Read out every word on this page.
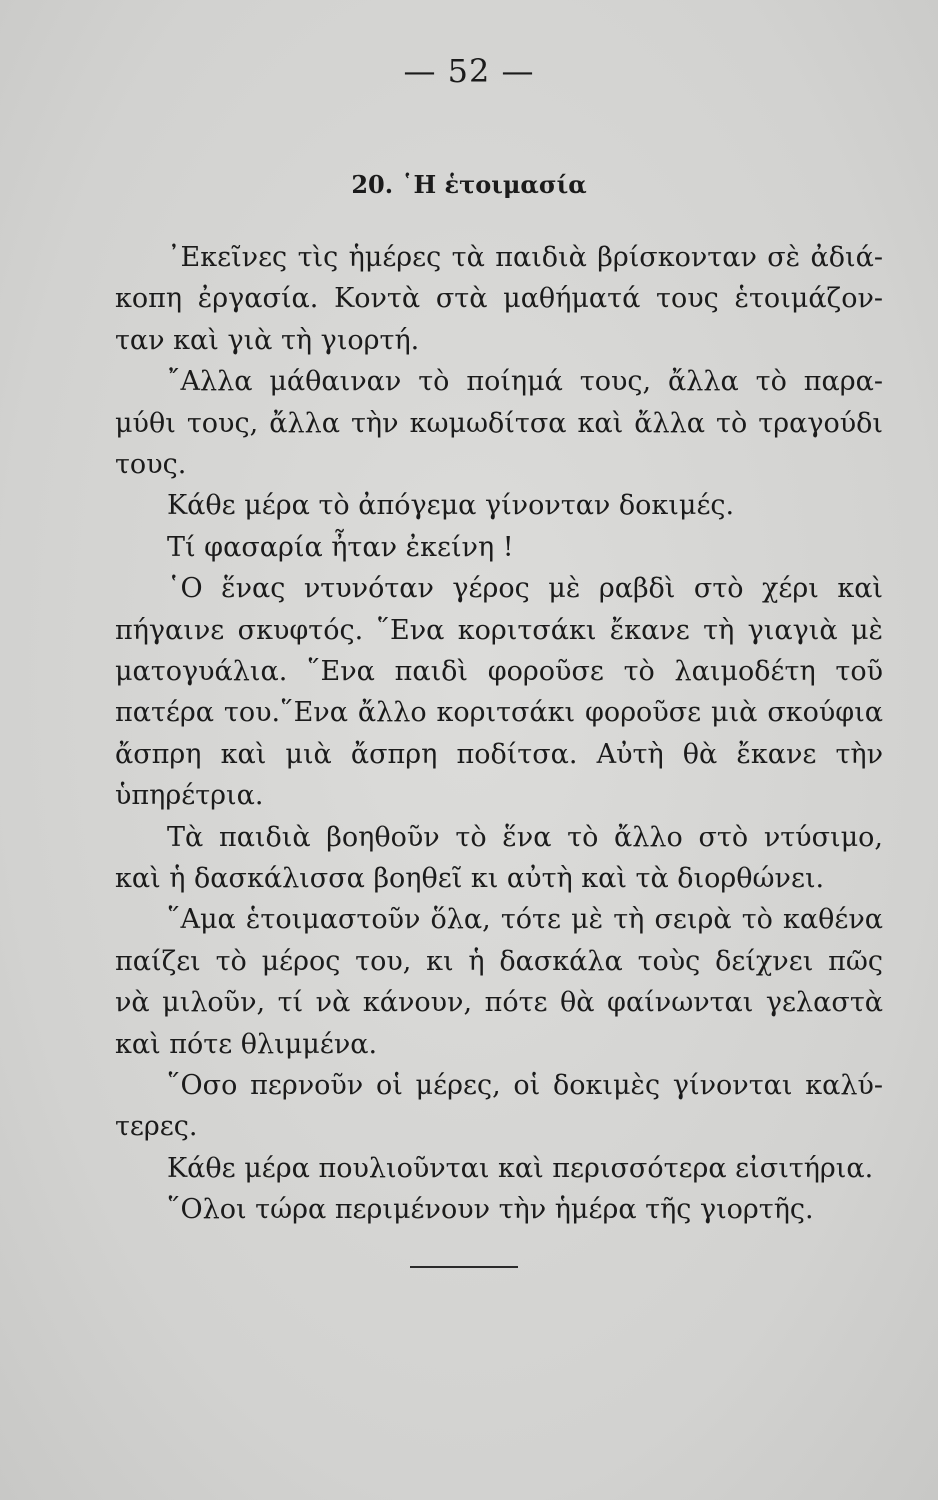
— 52 —
20. ῾Η ἑτοιμασία
᾿Εκεῖνες τὶς ἡμέρες τὰ παιδιὰ βρίσκονταν σὲ ἀδιά-
κοπη ἐργασία. Κοντὰ στὰ μαθήματά τους ἑτοιμάζον-
ταν καὶ γιὰ τὴ γιορτή.
῎Αλλα μάθαιναν τὸ ποίημά τους, ἄλλα τὸ παρα-
μύθι τους, ἄλλα τὴν κωμωδίτσα καὶ ἄλλα τὸ τραγούδι
τους.
Κάθε μέρα τὸ ἀπόγεμα γίνονταν δοκιμές.
Τί φασαρία ἦταν ἐκείνη !
῾Ο ἕνας ντυνόταν γέρος μὲ ραβδὶ στὸ χέρι καὶ
πήγαινε σκυφτός. ῞Ενα κοριτσάκι ἔκανε τὴ γιαγιὰ μὲ
ματογυάλια. ῞Ενα παιδὶ φοροῦσε τὸ λαιμοδέτη τοῦ
πατέρα του.῞Ενα ἄλλο κοριτσάκι φοροῦσε μιὰ σκούφια
ἄσπρη καὶ μιὰ ἄσπρη ποδίτσα. Αὐτὴ θὰ ἔκανε τὴν
ὑπηρέτρια.
Τὰ παιδιὰ βοηθοῦν τὸ ἕνα τὸ ἄλλο στὸ ντύσιμο,
καὶ ἡ δασκάλισσα βοηθεῖ κι αὐτὴ καὶ τὰ διορθώνει.
῞Αμα ἑτοιμαστοῦν ὅλα, τότε μὲ τὴ σειρὰ τὸ καθένα
παίζει τὸ μέρος του, κι ἡ δασκάλα τοὺς δείχνει πῶς
νὰ μιλοῦν, τί νὰ κάνουν, πότε θὰ φαίνωνται γελαστὰ
καὶ πότε θλιμμένα.
῞Οσο περνοῦν οἱ μέρες, οἱ δοκιμὲς γίνονται καλύ-
τερες.
Κάθε μέρα πουλιοῦνται καὶ περισσότερα εἰσιτήρια.
῞Ολοι τώρα περιμένουν τὴν ἡμέρα τῆς γιορτῆς.
